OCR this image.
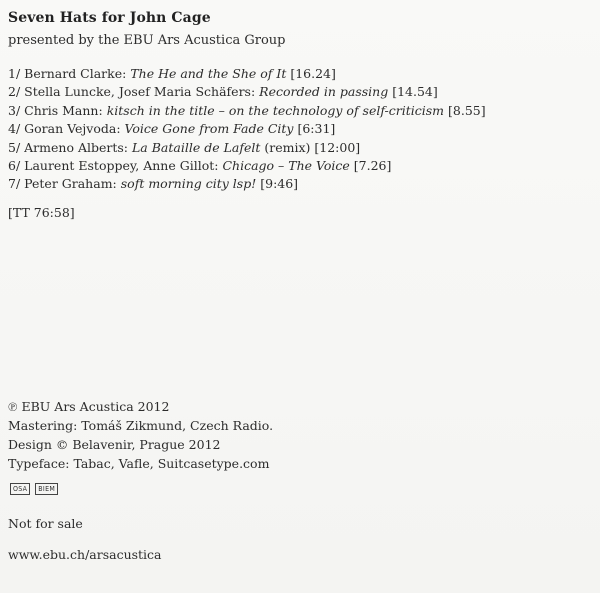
Seven Hats for John Cage
presented by the EBU Ars Acustica Group
1/ Bernard Clarke: The He and the She of It [16.24]
2/ Stella Luncke, Josef Maria Schäfers: Recorded in passing [14.54]
3/ Chris Mann: kitsch in the title – on the technology of self-criticism [8.55]
4/ Goran Vejvoda: Voice Gone from Fade City [6:31]
5/ Armeno Alberts: La Bataille de Lafelt (remix) [12:00]
6/ Laurent Estoppey, Anne Gillot: Chicago – The Voice [7.26]
7/ Peter Graham: soft morning city lsp! [9:46]
[TT 76:58]
℗ EBU Ars Acustica 2012
Mastering: Tomáš Zikmund, Czech Radio.
Design © Belavenir, Prague 2012
Typeface: Tabac, Vafle, Suitcasetype.com
OSA	BIEM
Not for sale
www.ebu.ch/arsacustica
